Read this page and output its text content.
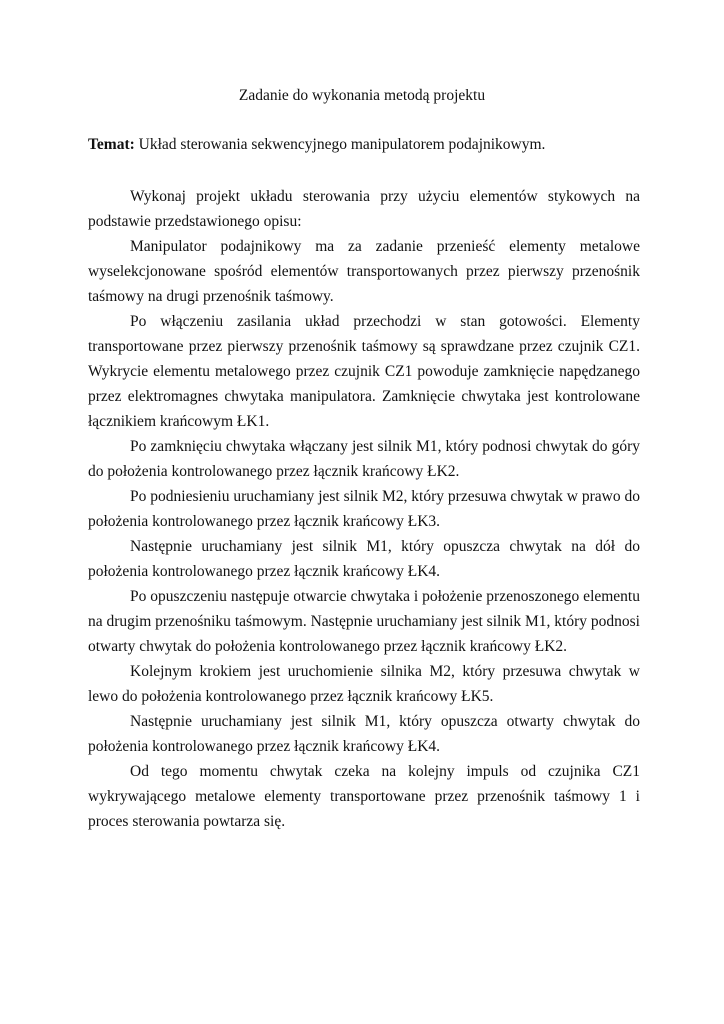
Zadanie do wykonania metodą projektu

Temat: Układ sterowania sekwencyjnego manipulatorem podajnikowym.

Wykonaj projekt układu sterowania przy użyciu elementów stykowych na podstawie przedstawionego opisu:

Manipulator podajnikowy ma za zadanie przenieść elementy metalowe wyselekcjonowane spośród elementów transportowanych przez pierwszy przenośnik taśmowy na drugi przenośnik taśmowy.

Po włączeniu zasilania układ przechodzi w stan gotowości. Elementy transportowane przez pierwszy przenośnik taśmowy są sprawdzane przez czujnik CZ1. Wykrycie elementu metalowego przez czujnik CZ1 powoduje zamknięcie napędzanego przez elektromagnes chwytaka manipulatora. Zamknięcie chwytaka jest kontrolowane łącznikiem krańcowym ŁK1.

Po zamknięciu chwytaka włączany jest silnik M1, który podnosi chwytak do góry do położenia kontrolowanego przez łącznik krańcowy ŁK2.

Po podniesieniu uruchamiany jest silnik M2, który przesuwa chwytak w prawo do położenia kontrolowanego przez łącznik krańcowy ŁK3.

Następnie uruchamiany jest silnik M1, który opuszcza chwytak na dół do położenia kontrolowanego przez łącznik krańcowy ŁK4.

Po opuszczeniu następuje otwarcie chwytaka i położenie przenoszonego elementu na drugim przenośniku taśmowym. Następnie uruchamiany jest silnik M1, który podnosi otwarty chwytak do położenia kontrolowanego przez łącznik krańcowy ŁK2.

Kolejnym krokiem jest uruchomienie silnika M2, który przesuwa chwytak w lewo do położenia kontrolowanego przez łącznik krańcowy ŁK5.

Następnie uruchamiany jest silnik M1, który opuszcza otwarty chwytak do położenia kontrolowanego przez łącznik krańcowy ŁK4.

Od tego momentu chwytak czeka na kolejny impuls od czujnika CZ1 wykrywającego metalowe elementy transportowane przez przenośnik taśmowy 1 i proces sterowania powtarza się.
